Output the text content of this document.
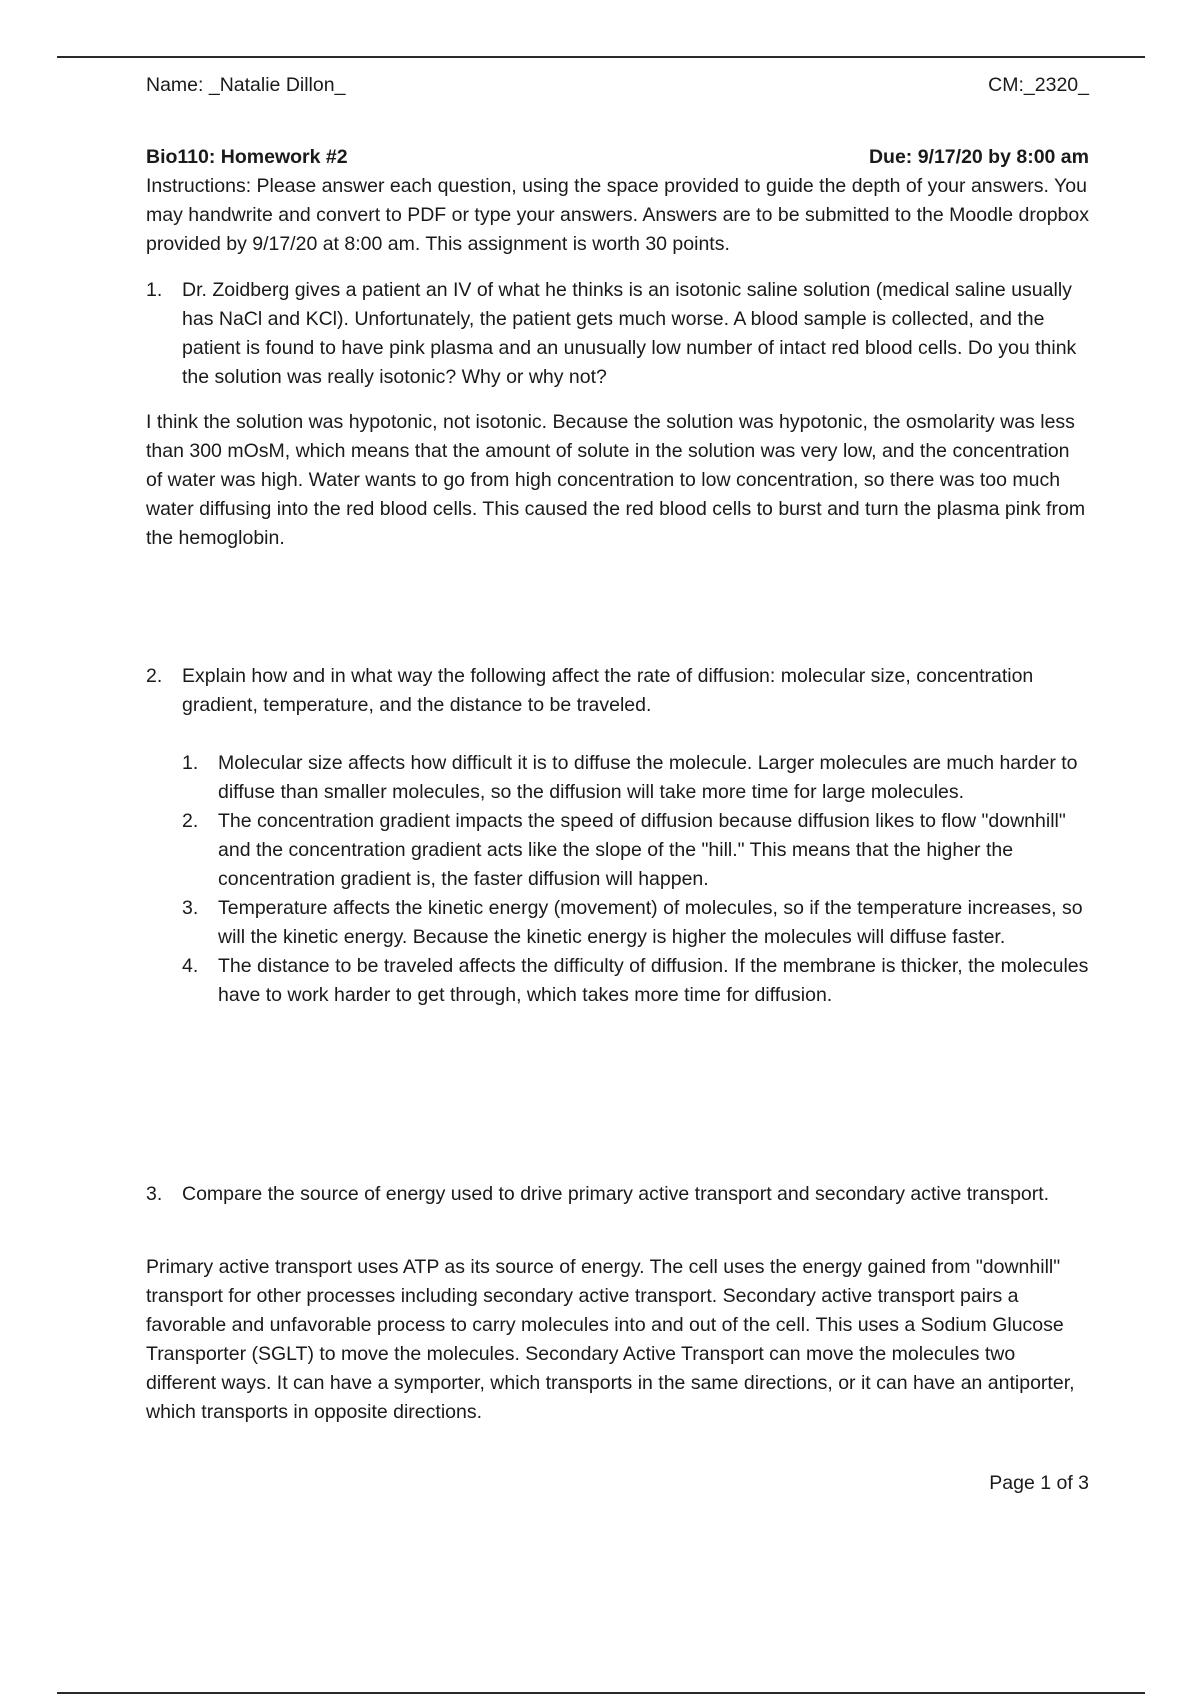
Name: _Natalie Dillon_	CM:_2320_
Bio110: Homework #2	Due: 9/17/20 by 8:00 am
Instructions: Please answer each question, using the space provided to guide the depth of your answers. You may handwrite and convert to PDF or type your answers. Answers are to be submitted to the Moodle dropbox provided by 9/17/20 at 8:00 am. This assignment is worth 30 points.
1.	Dr. Zoidberg gives a patient an IV of what he thinks is an isotonic saline solution (medical saline usually has NaCl and KCl). Unfortunately, the patient gets much worse. A blood sample is collected, and the patient is found to have pink plasma and an unusually low number of intact red blood cells. Do you think the solution was really isotonic? Why or why not?
I think the solution was hypotonic, not isotonic. Because the solution was hypotonic, the osmolarity was less than 300 mOsM, which means that the amount of solute in the solution was very low, and the concentration of water was high. Water wants to go from high concentration to low concentration, so there was too much water diffusing into the red blood cells. This caused the red blood cells to burst and turn the plasma pink from the hemoglobin.
2.	Explain how and in what way the following affect the rate of diffusion: molecular size, concentration gradient, temperature, and the distance to be traveled.
1.	Molecular size affects how difficult it is to diffuse the molecule. Larger molecules are much harder to diffuse than smaller molecules, so the diffusion will take more time for large molecules.
2.	The concentration gradient impacts the speed of diffusion because diffusion likes to flow "downhill" and the concentration gradient acts like the slope of the "hill." This means that the higher the concentration gradient is, the faster diffusion will happen.
3.	Temperature affects the kinetic energy (movement) of molecules, so if the temperature increases, so will the kinetic energy. Because the kinetic energy is higher the molecules will diffuse faster.
4.	The distance to be traveled affects the difficulty of diffusion. If the membrane is thicker, the molecules have to work harder to get through, which takes more time for diffusion.
3.	Compare the source of energy used to drive primary active transport and secondary active transport.
Primary active transport uses ATP as its source of energy. The cell uses the energy gained from "downhill" transport for other processes including secondary active transport. Secondary active transport pairs a favorable and unfavorable process to carry molecules into and out of the cell. This uses a Sodium Glucose Transporter (SGLT) to move the molecules. Secondary Active Transport can move the molecules two different ways. It can have a symporter, which transports in the same directions, or it can have an antiporter, which transports in opposite directions.
Page 1 of 3
